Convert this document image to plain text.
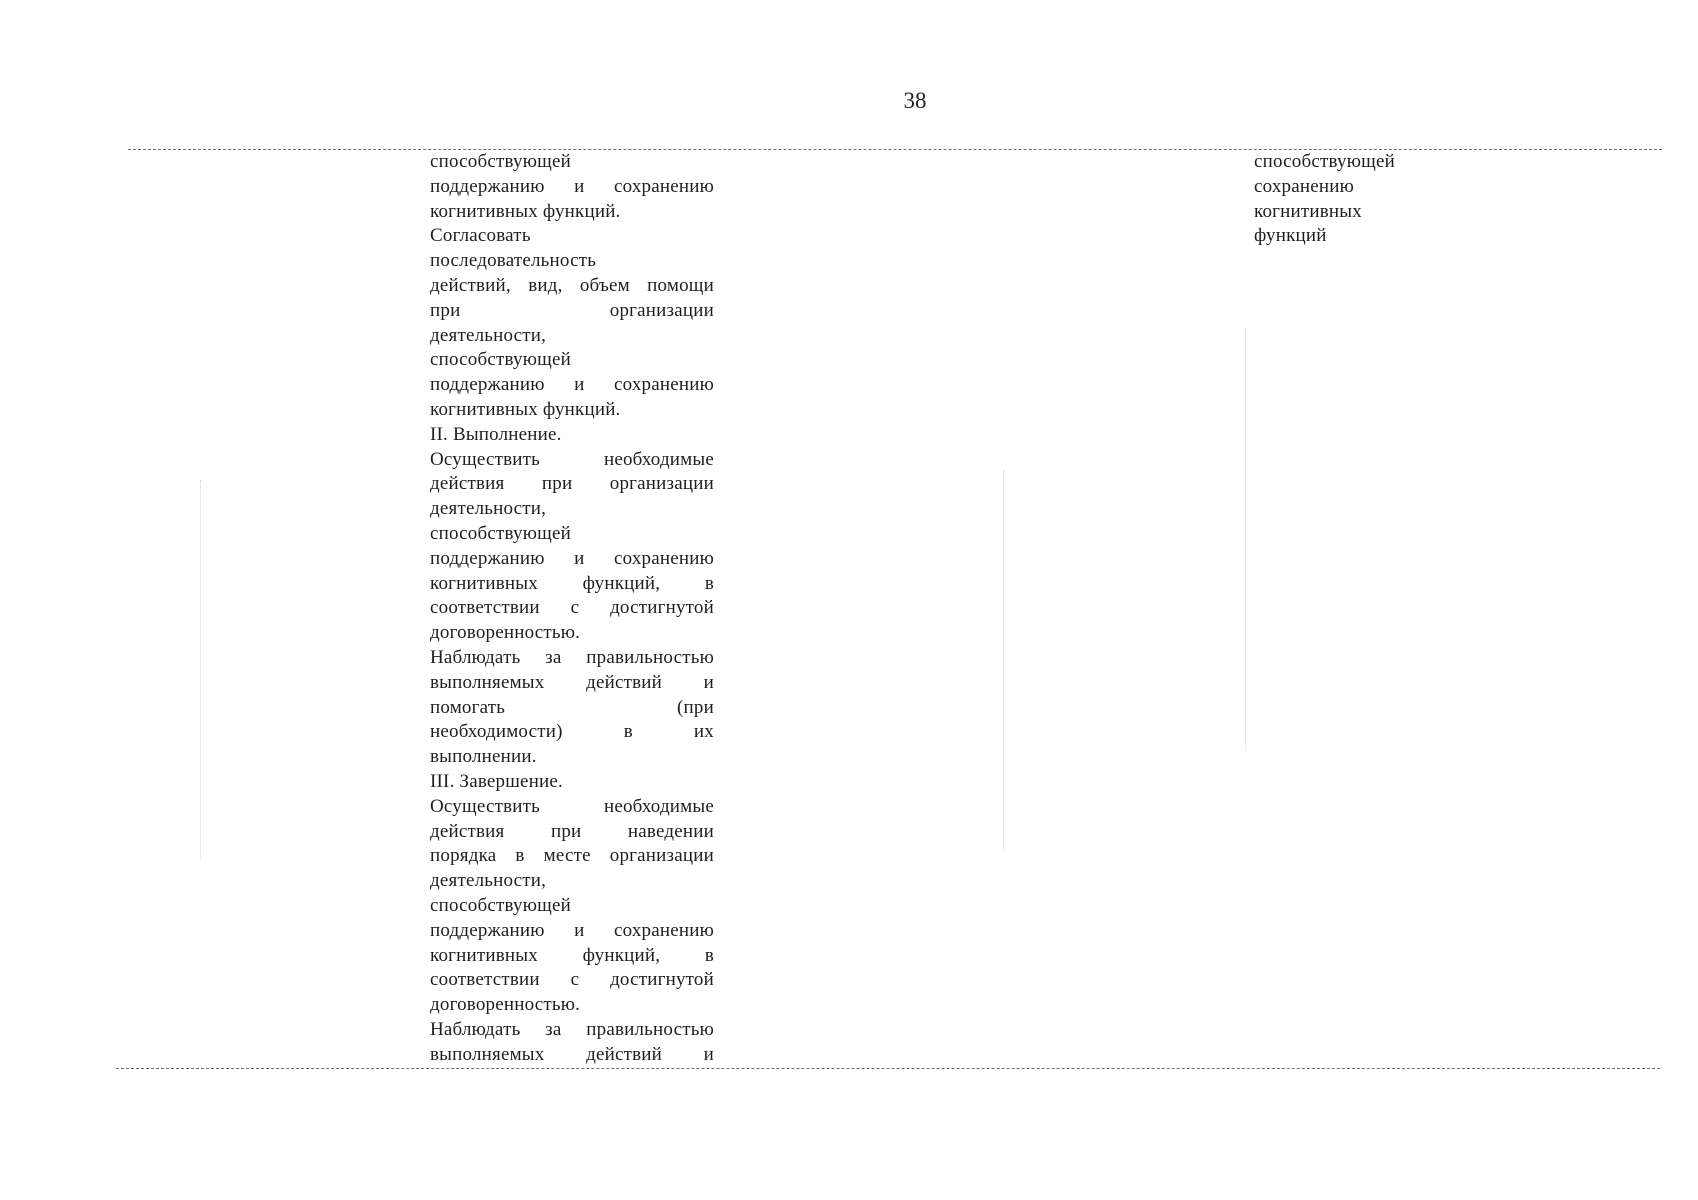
38
способствующей
поддержанию и сохранению
когнитивных функций.
Согласовать
последовательность
действий, вид, объем помощи
при	организации
деятельности,
способствующей
поддержанию и сохранению
когнитивных функций.
II. Выполнение.
Осуществить	необходимые
действия при организации
деятельности,
способствующей
поддержанию и сохранению
когнитивных функций, в
соответствии с достигнутой
договоренностью.
Наблюдать за правильностью
выполняемых действий и
помогать	(при
необходимости)	в	их
выполнении.
III. Завершение.
Осуществить	необходимые
действия при наведении
порядка в месте организации
деятельности,
способствующей
поддержанию и сохранению
когнитивных функций, в
соответствии с достигнутой
договоренностью.
Наблюдать за правильностью
выполняемых действий и
способствующей
сохранению
когнитивных
функций
